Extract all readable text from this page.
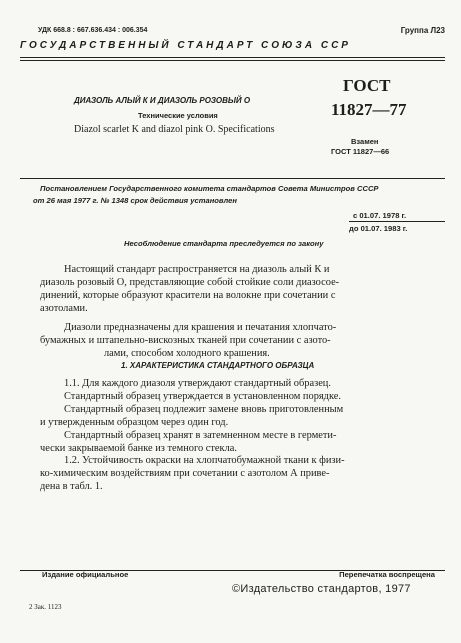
УДК 668.8 : 667.636.434 : 006.354	Группа Л23
ГОСУДАРСТВЕННЫЙ СТАНДАРТ СОЮЗА ССР
ДИАЗОЛЬ АЛЫЙ К И ДИАЗОЛЬ РОЗОВЫЙ О
Технические условия
Diazol scarlet K and diazol pink O. Specifications
ГОСТ
11827—77
Взамен
ГОСТ 11827—66
Постановлением Государственного комитета стандартов Совета Министров СССР
от 26 мая 1977 г. № 1348 срок действия установлен
с 01.07. 1978 г.
до 01.07. 1983 г.
Несоблюдение стандарта преследуется по закону
Настоящий стандарт распространяется на диазоль алый К и
диазоль розовый О, представляющие собой стойкие соли диазосое-
динений, которые образуют красители на волокне при сочетании с
азотолами.
Диазоли предназначены для крашения и печатания хлопчато-
бумажных и штапельно-вискозных тканей при сочетании с азото-
лами, способом холодного крашения.
1. ХАРАКТЕРИСТИКА СТАНДАРТНОГО ОБРАЗЦА
1.1. Для каждого диазоля утверждают стандартный образец.
Стандартный образец утверждается в установленном порядке.
Стандартный образец подлежит замене вновь приготовленным
и утвержденным образцом через один год.
Стандартный образец хранят в затемненном месте в гермети-
чески закрываемой банке из темного стекла.
1.2. Устойчивость окраски на хлопчатобумажной ткани к физи-
ко-химическим воздействиям при сочетании с азотолом А приве-
дена в табл. 1.
Издание официальное	Перепечатка воспрещена
©Издательство стандартов, 1977
2 Зак. 1123
